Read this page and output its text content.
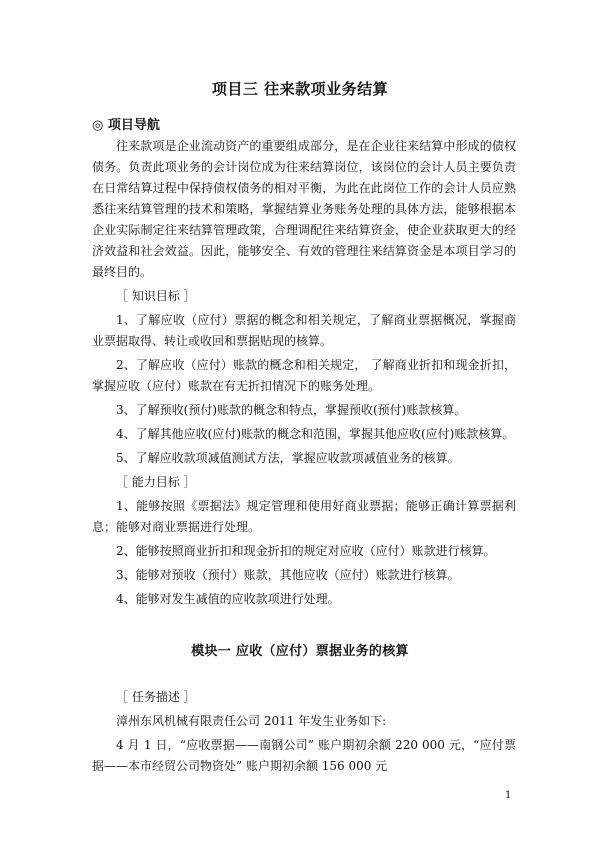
项目三 往来款项业务结算
◎ 项目导航

往来款项是企业流动资产的重要组成部分，是在企业往来结算中形成的债权债务。负责此项业务的会计岗位成为往来结算岗位，该岗位的会计人员主要负责在日常结算过程中保持债权债务的相对平衡，为此在此岗位工作的会计人员应熟悉往来结算管理的技术和策略，掌握结算业务账务处理的具体方法，能够根据本企业实际制定往来结算管理政策，合理调配往来结算资金，使企业获取更大的经济效益和社会效益。因此，能够安全、有效的管理往来结算资金是本项目学习的最终目的。

［ 知识目标 ］

1、了解应收（应付）票据的概念和相关规定，了解商业票据概况，掌握商业票据取得、转让或收回和票据贴现的核算。

2、了解应收（应付）账款的概念和相关规定， 了解商业折扣和现金折扣，掌握应收（应付）账款在有无折扣情况下的账务处理。

3、了解预收(预付)账款的概念和特点，掌握预收(预付)账款核算。

4、了解其他应收(应付)账款的概念和范围，掌握其他应收(应付)账款核算。

5、了解应收款项减值测试方法，掌握应收款项减值业务的核算。

［ 能力目标 ］

1、能够按照《票据法》规定管理和使用好商业票据；能够正确计算票据利息；能够对商业票据进行处理。

2、能够按照商业折扣和现金折扣的规定对应收（应付）账款进行核算。

3、能够对预收（预付）账款，其他应收（应付）账款进行核算。

4、能够对发生减值的应收款项进行处理。

模块一 应收（应付）票据业务的核算
［ 任务描述 ］

漳州东风机械有限责任公司 2011 年发生业务如下:

4 月 1 日，“应收票据——南钢公司” 账户期初余额 220 000 元，“应付票据——本市经贸公司物资处” 账户期初余额 156 000 元

1
